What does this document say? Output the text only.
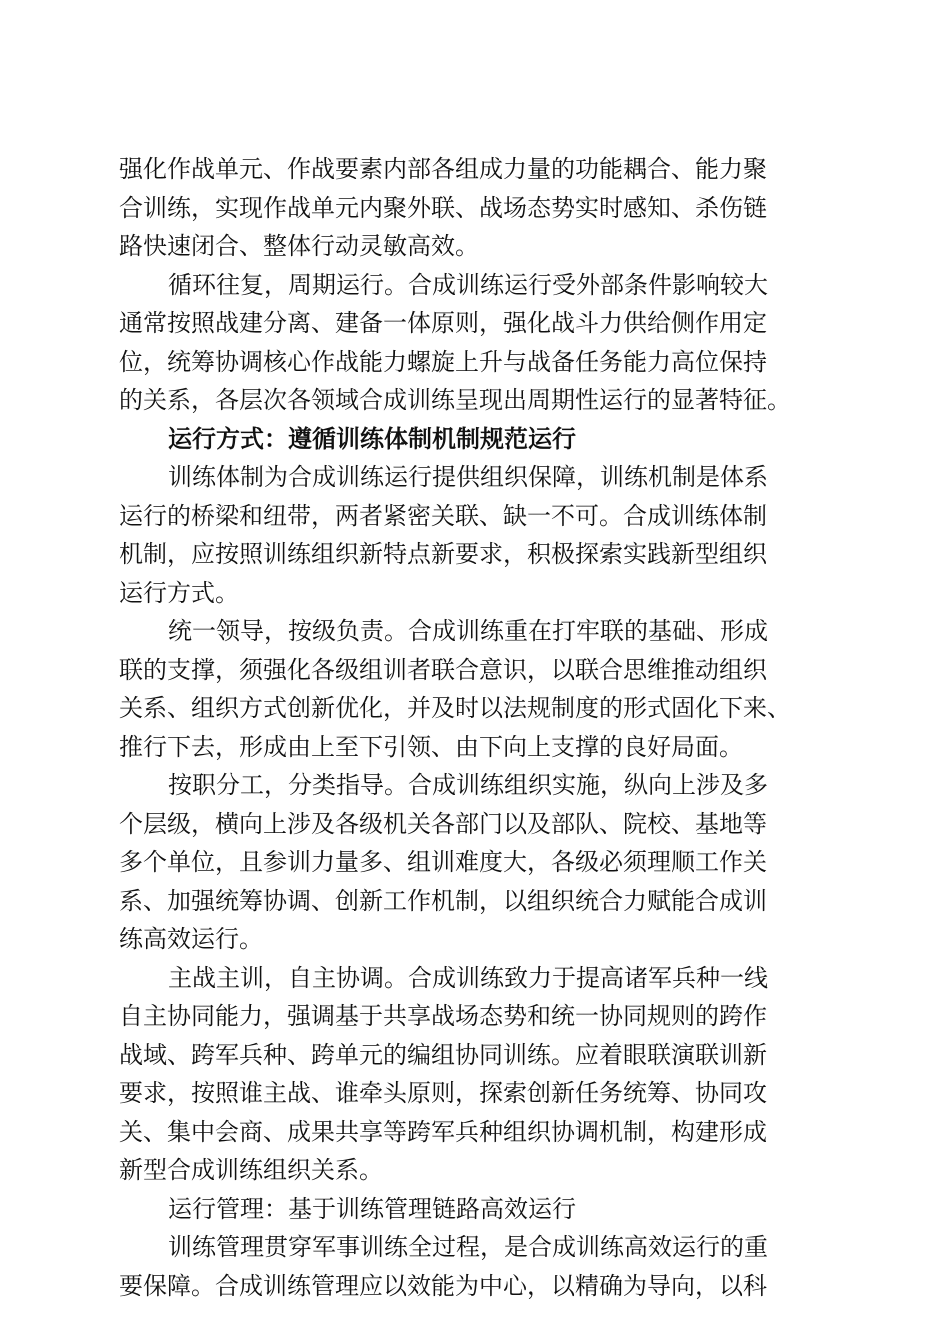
强化作战单元、作战要素内部各组成力量的功能耦合、能力聚
合训练，实现作战单元内聚外联、战场态势实时感知、杀伤链
路快速闭合、整体行动灵敏高效。
循环往复，周期运行。合成训练运行受外部条件影响较大
通常按照战建分离、建备一体原则，强化战斗力供给侧作用定
位，统筹协调核心作战能力螺旋上升与战备任务能力高位保持
的关系，各层次各领域合成训练呈现出周期性运行的显著特征。
运行方式：遵循训练体制机制规范运行
训练体制为合成训练运行提供组织保障，训练机制是体系
运行的桥梁和纽带，两者紧密关联、缺一不可。合成训练体制
机制，应按照训练组织新特点新要求，积极探索实践新型组织
运行方式。
统一领导，按级负责。合成训练重在打牢联的基础、形成
联的支撑，须强化各级组训者联合意识，以联合思维推动组织
关系、组织方式创新优化，并及时以法规制度的形式固化下来、
推行下去，形成由上至下引领、由下向上支撑的良好局面。
按职分工，分类指导。合成训练组织实施，纵向上涉及多
个层级，横向上涉及各级机关各部门以及部队、院校、基地等
多个单位，且参训力量多、组训难度大，各级必须理顺工作关
系、加强统筹协调、创新工作机制，以组织统合力赋能合成训
练高效运行。
主战主训，自主协调。合成训练致力于提高诸军兵种一线
自主协同能力，强调基于共享战场态势和统一协同规则的跨作
战域、跨军兵种、跨单元的编组协同训练。应着眼联演联训新
要求，按照谁主战、谁牵头原则，探索创新任务统筹、协同攻
关、集中会商、成果共享等跨军兵种组织协调机制，构建形成
新型合成训练组织关系。
运行管理：基于训练管理链路高效运行
训练管理贯穿军事训练全过程，是合成训练高效运行的重
要保障。合成训练管理应以效能为中心，以精确为导向，以科
